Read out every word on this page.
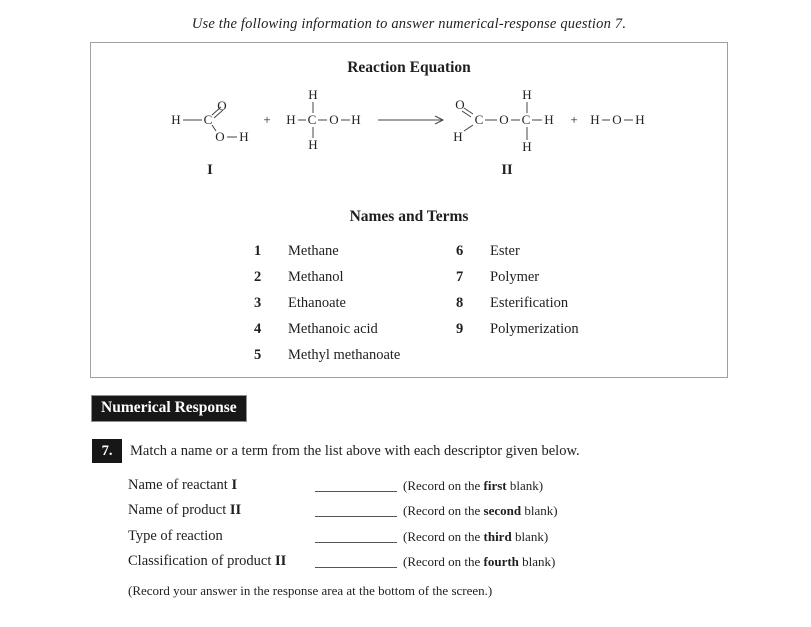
Use the following information to answer numerical-response question 7.
Reaction Equation
H C
O
O H
I
+
H
H C O H
H
O
C
H
O C H
H
H
II
+ H O H
Names and Terms
1 Methane
2 Methanol
3 Ethanoate
4 Methanoic acid
5 Methyl methanoate
6 Ester
7 Polymer
8 Esterification
9 Polymerization
Numerical Response
7.	Match a name or a term from the list above with each descriptor given below.
Name of reactant I	(Record on the first blank)
Name of product II	(Record on the second blank)
Type of reaction	(Record on the third blank)
Classification of product II	(Record on the fourth blank)
(Record your answer in the response area at the bottom of the screen.)
